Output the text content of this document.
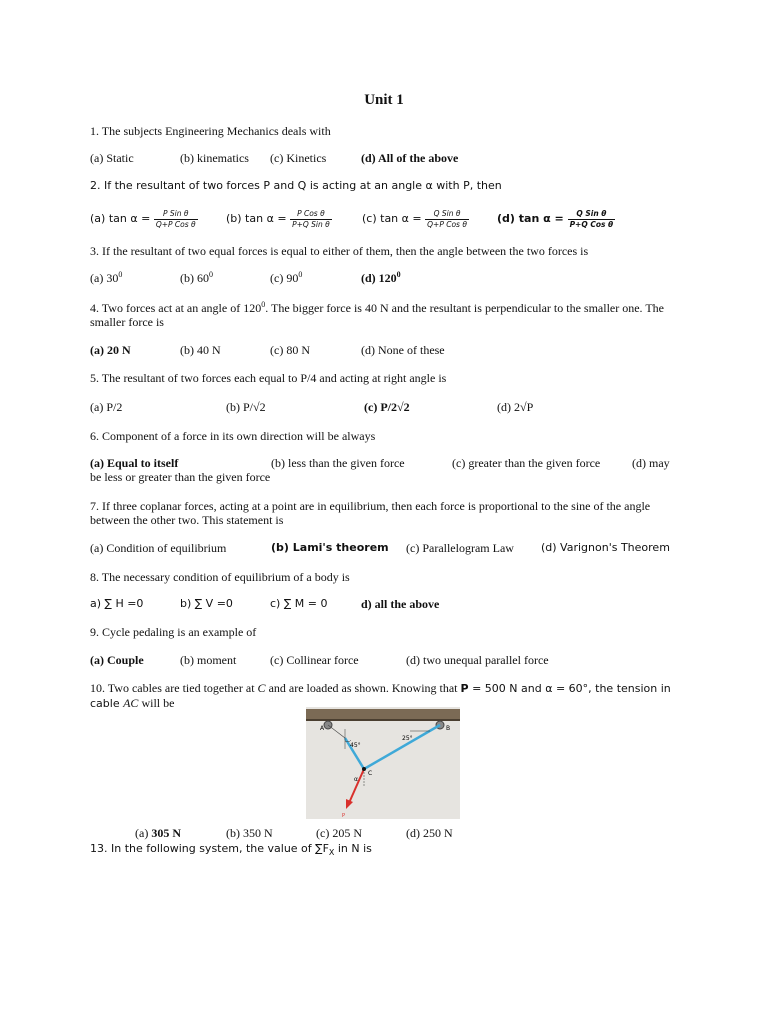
Unit 1
1. The subjects Engineering Mechanics deals with
(a) Static	(b) kinematics (c) Kinetics	(d) All of the above
2. If the resultant of two forces P and Q is acting at an angle α with P, then
(a) $\tan \alpha = \frac{\text{P Sin θ}}{\text{Q+P Cos θ}}$	(b) $\tan \alpha = \frac{\text{P Cos θ}}{\text{P+Q Sin θ}}$	(c) $\tan \alpha = \frac{\text{Q Sin θ}}{\text{Q+P Cos θ}}$	(d) $\tan \alpha = \frac{\text{Q Sin θ}}{\text{P+Q Cos θ}}$
3. If the resultant of two equal forces is equal to either of them, then the angle between the two forces is
(a) $30^0$	(b) $60^0$	(c) $90^0$	(d) $120^0$
4. Two forces act at an angle of $120^0$. The bigger force is 40 N and the resultant is perpendicular to the smaller one. The smaller force is
(a) 20 N	(b) 40 N	(c) 80 N	(d) None of these
5. The resultant of two forces each equal to P/4 and acting at right angle is
(a) P/2	(b) P/√2	(c) P/2√2	(d) 2√P
6. Component of a force in its own direction will be always
(a) Equal to itself	(b) less than the given force	(c) greater than the given force	(d) may
be less or greater than the given force
7. If three coplanar forces, acting at a point are in equilibrium, then each force is proportional to the sine of the angle between the other two. This statement is
(a) Condition of equilibrium	(b) Lami's theorem (c) Parallelogram Law (d) Varignon's Theorem
8. The necessary condition of equilibrium of a body is
a) ∑ H =0	b) ∑ V =0	c) ∑ M = 0	d) all the above
9. Cycle pedaling is an example of
(a) Couple	(b) moment	(c) Collinear force	(d) two unequal parallel force
10. Two cables are tied together at C and are loaded as shown. Knowing that P = 500 N and α = 60°, the tension in cable AC will be
A	B
C
P
45°
25°
α
(a) 305 N	(b) 350 N	(c) 205 N	(d) 250 N
13. In the following system, the value of $\sum F_X$ in N is
